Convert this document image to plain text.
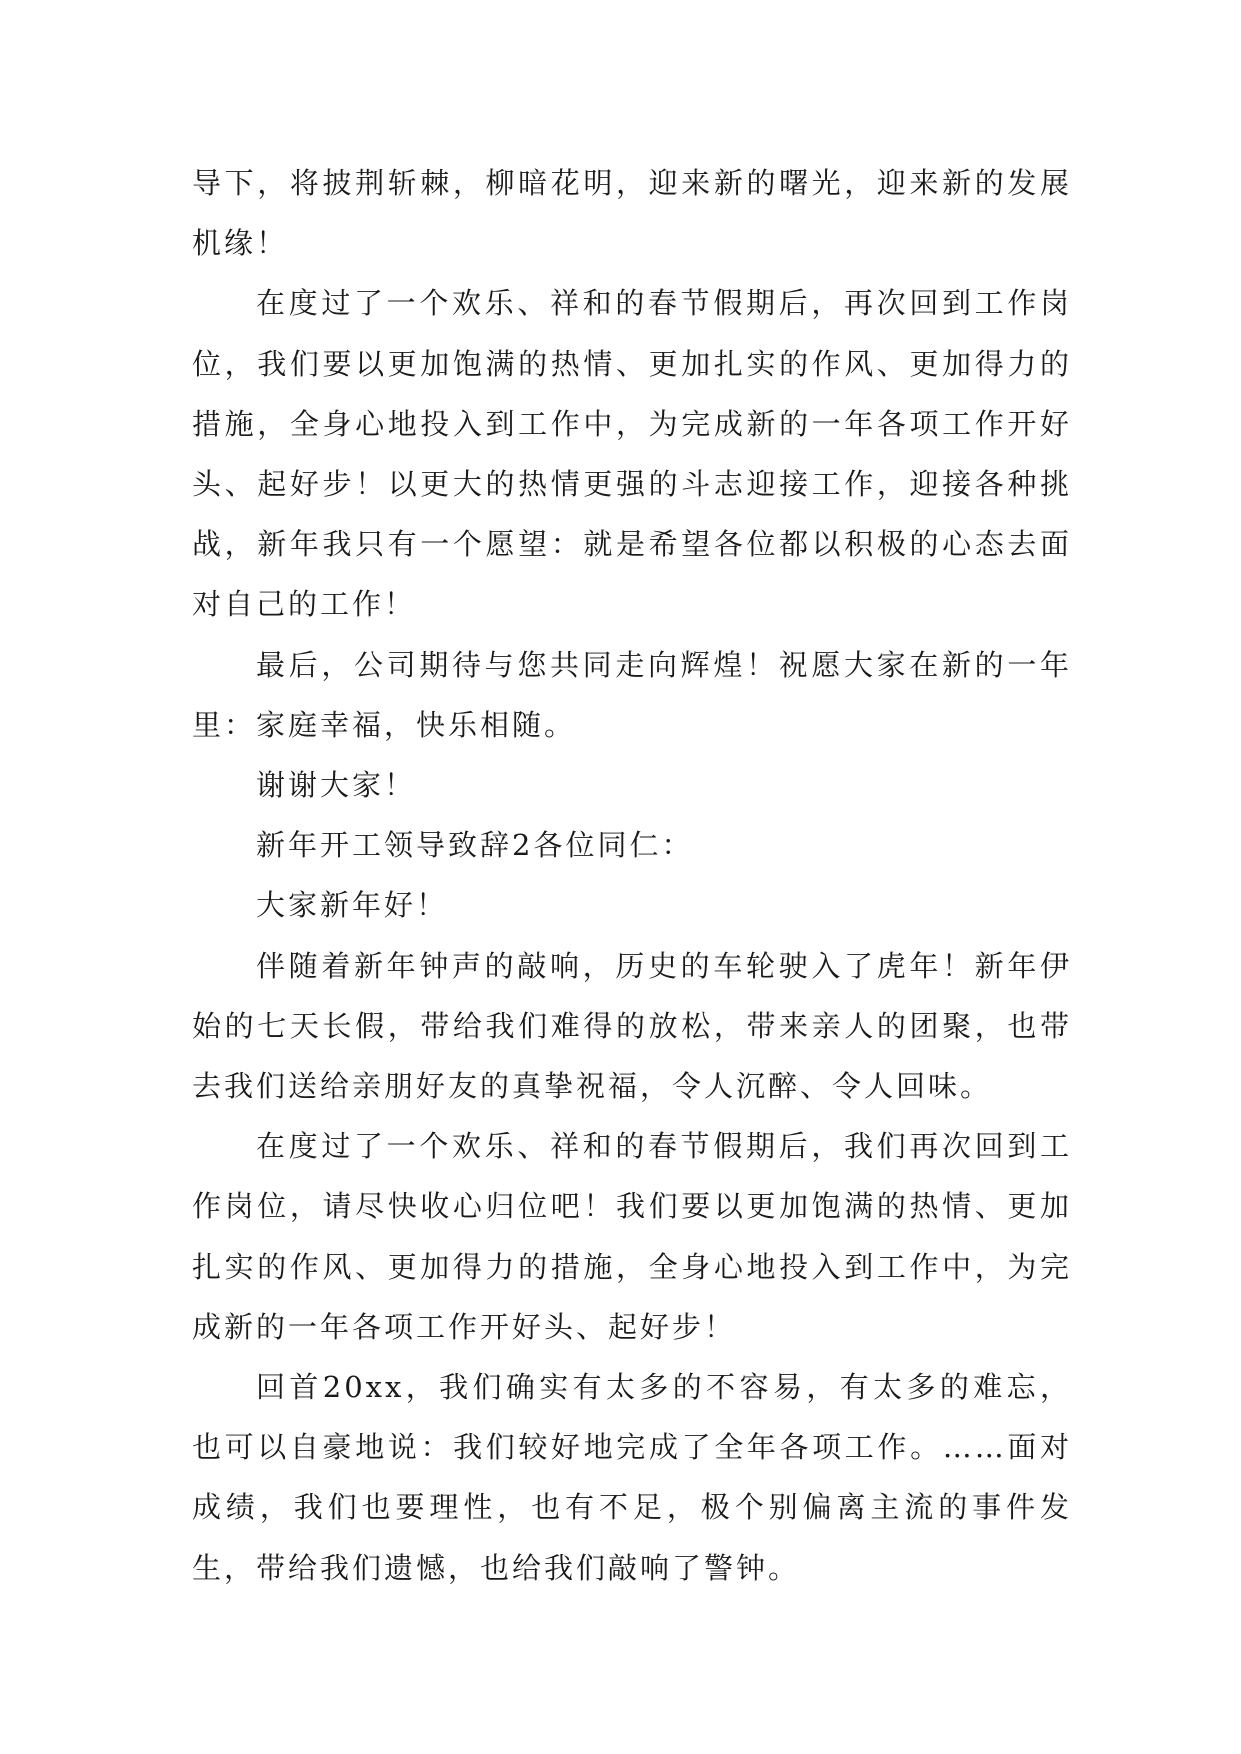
导下，将披荆斩棘，柳暗花明，迎来新的曙光，迎来新的发展机缘！

在度过了一个欢乐、祥和的春节假期后，再次回到工作岗位，我们要以更加饱满的热情、更加扎实的作风、更加得力的措施，全身心地投入到工作中，为完成新的一年各项工作开好头、起好步！以更大的热情更强的斗志迎接工作，迎接各种挑战，新年我只有一个愿望：就是希望各位都以积极的心态去面对自己的工作！

最后，公司期待与您共同走向辉煌！祝愿大家在新的一年里：家庭幸福，快乐相随。

谢谢大家！

新年开工领导致辞2各位同仁：

大家新年好！

伴随着新年钟声的敲响，历史的车轮驶入了虎年！新年伊始的七天长假，带给我们难得的放松，带来亲人的团聚，也带去我们送给亲朋好友的真挚祝福，令人沉醉、令人回味。

在度过了一个欢乐、祥和的春节假期后，我们再次回到工作岗位，请尽快收心归位吧！我们要以更加饱满的热情、更加扎实的作风、更加得力的措施，全身心地投入到工作中，为完成新的一年各项工作开好头、起好步！

回首20xx，我们确实有太多的不容易，有太多的难忘，也可以自豪地说：我们较好地完成了全年各项工作。……面对成绩，我们也要理性，也有不足，极个别偏离主流的事件发生，带给我们遗憾，也给我们敲响了警钟。
